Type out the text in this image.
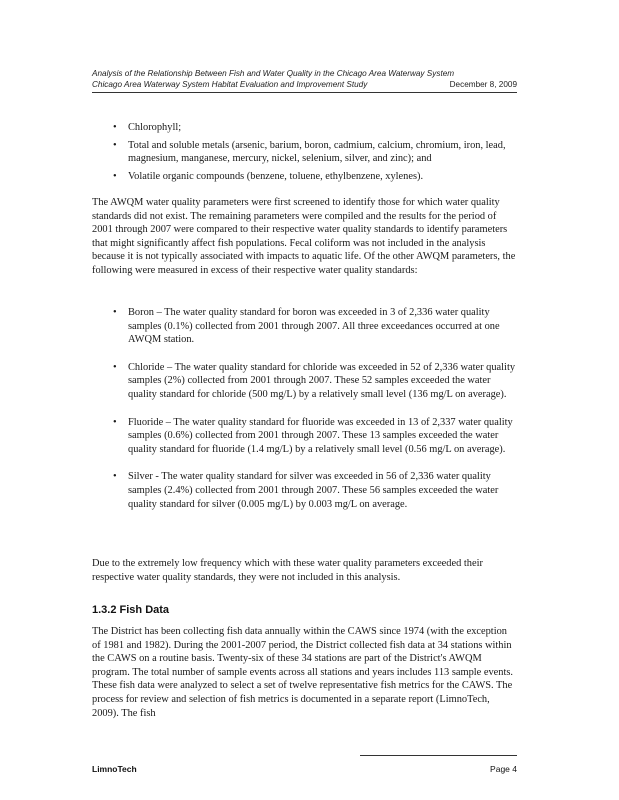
Analysis of the Relationship Between Fish and Water Quality in the Chicago Area Waterway System
Chicago Area Waterway System Habitat Evaluation and Improvement Study	December 8, 2009
• Chlorophyll;
• Total and soluble metals (arsenic, barium, boron, cadmium, calcium, chromium, iron, lead, magnesium, manganese, mercury, nickel, selenium, silver, and zinc); and
• Volatile organic compounds (benzene, toluene, ethylbenzene, xylenes).

The AWQM water quality parameters were first screened to identify those for which water quality standards did not exist. The remaining parameters were compiled and the results for the period of 2001 through 2007 were compared to their respective water quality standards to identify parameters that might significantly affect fish populations. Fecal coliform was not included in the analysis because it is not typically associated with impacts to aquatic life. Of the other AWQM parameters, the following were measured in excess of their respective water quality standards:

• Boron – The water quality standard for boron was exceeded in 3 of 2,336 water quality samples (0.1%) collected from 2001 through 2007. All three exceedances occurred at one AWQM station.
• Chloride – The water quality standard for chloride was exceeded in 52 of 2,336 water quality samples (2%) collected from 2001 through 2007. These 52 samples exceeded the water quality standard for chloride (500 mg/L) by a relatively small level (136 mg/L on average).
• Fluoride – The water quality standard for fluoride was exceeded in 13 of 2,337 water quality samples (0.6%) collected from 2001 through 2007. These 13 samples exceeded the water quality standard for fluoride (1.4 mg/L) by a relatively small level (0.56 mg/L on average).
• Silver - The water quality standard for silver was exceeded in 56 of 2,336 water quality samples (2.4%) collected from 2001 through 2007. These 56 samples exceeded the water quality standard for silver (0.005 mg/L) by 0.003 mg/L on average.

Due to the extremely low frequency which with these water quality parameters exceeded their respective water quality standards, they were not included in this analysis.

1.3.2 Fish Data

The District has been collecting fish data annually within the CAWS since 1974 (with the exception of 1981 and 1982). During the 2001-2007 period, the District collected fish data at 34 stations within the CAWS on a routine basis. Twenty-six of these 34 stations are part of the District's AWQM program. The total number of sample events across all stations and years includes 113 sample events. These fish data were analyzed to select a set of twelve representative fish metrics for the CAWS. The process for review and selection of fish metrics is documented in a separate report (LimnoTech, 2009). The fish

LimnoTech	Page 4
